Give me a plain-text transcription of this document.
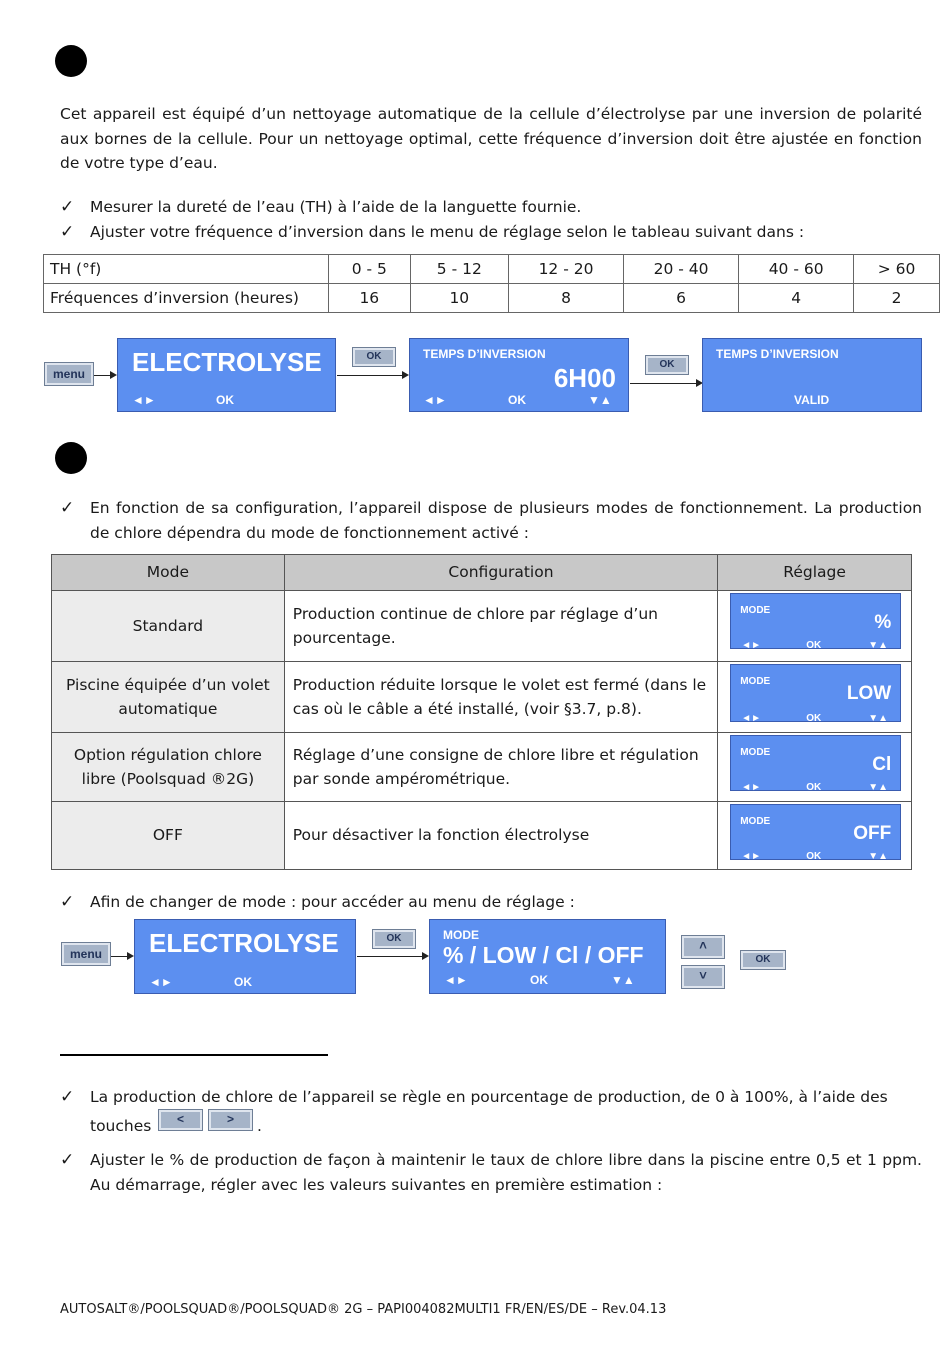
Cet appareil est équipé d’un nettoyage automatique de la cellule d’électrolyse par une inversion de polarité aux bornes de la cellule. Pour un nettoyage optimal, cette fréquence d’inversion doit être ajustée en fonction de votre type d’eau.
✓ Mesurer la dureté de l’eau (TH) à l’aide de la languette fournie.
✓ Ajuster votre fréquence d’inversion dans le menu de réglage selon le tableau suivant dans :
TH (°f)	0 - 5	5 - 12	12 - 20	20 - 40	40 - 60	> 60
Fréquences d’inversion (heures)	16	10	8	6	4	2
menu	ELECTROLYSE
◄►	OK
OK	TEMPS D’INVERSION
6H00
◄►	OK	▼▲
OK
TEMPS D’INVERSION
VALID
✓ En fonction de sa configuration, l’appareil dispose de plusieurs modes de fonctionnement. La production de chlore dépendra du mode de fonctionnement activé :
Mode	Configuration	Réglage
Standard	Production continue de chlore par réglage d’un pourcentage.	MODE
%
◄► OK ▼▲

Piscine équipée d’un volet automatique	Production réduite lorsque le volet est fermé (dans le cas où le câble a été installé, (voir §3.7, p.8).	MODE
LOW
◄► OK ▼▲

Option régulation chlore libre (Poolsquad ®2G)	Réglage d’une consigne de chlore libre et régulation par sonde ampérométrique.	MODE
Cl
◄► OK ▼▲

OFF	Pour désactiver la fonction électrolyse	MODE
OFF
◄► OK ▼▲
✓ Afin de changer de mode : pour accéder au menu de réglage :
menu	ELECTROLYSE
◄►	OK
OK	MODE
% / LOW / Cl / OFF
◄►	OK	▼▲
˄
˅
OK
✓ La production de chlore de l’appareil se règle en pourcentage de production, de 0 à 100%, à l’aide des
touches	˂	˃	.
✓ Ajuster le % de production de façon à maintenir le taux de chlore libre dans la piscine entre 0,5 et 1 ppm. Au démarrage, régler avec les valeurs suivantes en première estimation :
AUTOSALT®/POOLSQUAD®/POOLSQUAD® 2G – PAPI004082MULTI1 FR/EN/ES/DE – Rev.04.13
